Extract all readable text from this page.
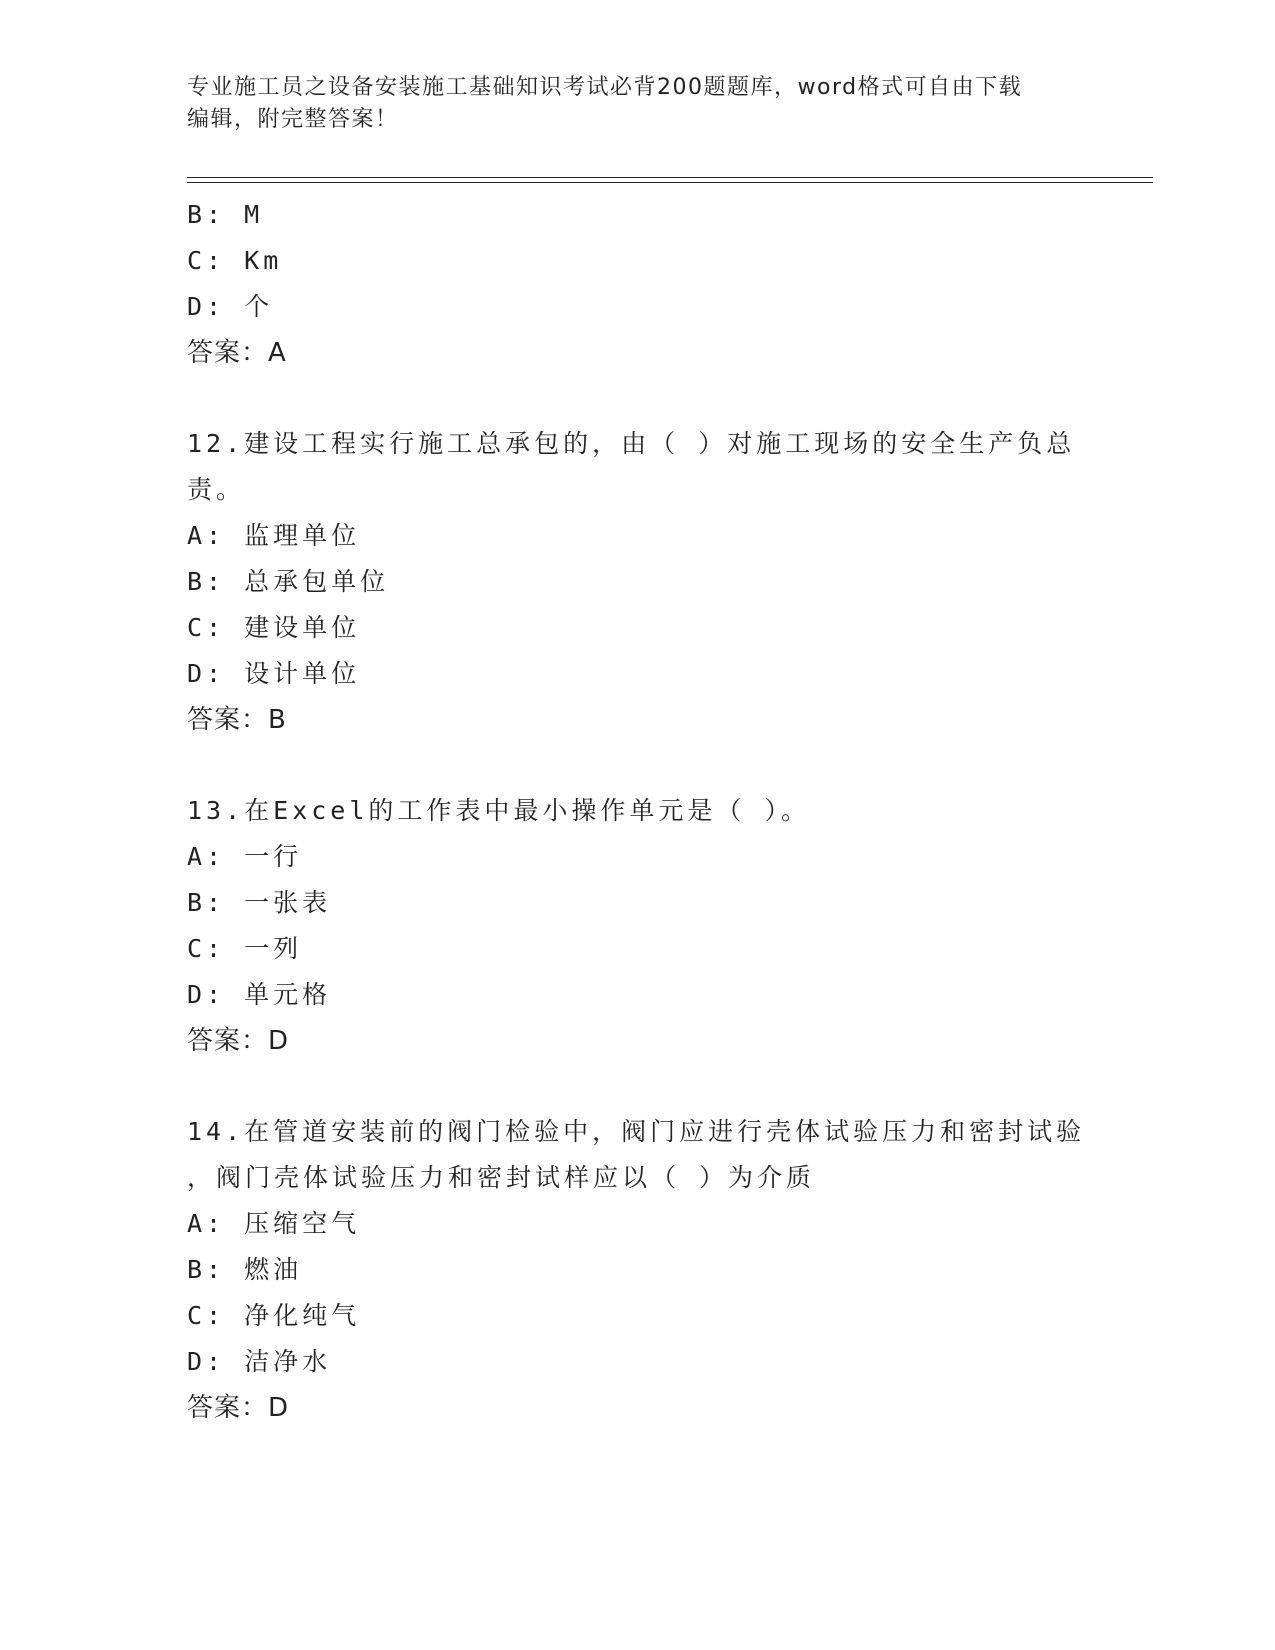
专业施工员之设备安装施工基础知识考试必背200题题库，word格式可自由下载
编辑，附完整答案！
B: M
C: Km
D: 个
答案：A
12.建设工程实行施工总承包的，由（ ）对施工现场的安全生产负总
责。
A: 监理单位
B: 总承包单位
C: 建设单位
D: 设计单位
答案：B
13.在Excel的工作表中最小操作单元是（ ）。
A: 一行
B: 一张表
C: 一列
D: 单元格
答案：D
14.在管道安装前的阀门检验中，阀门应进行壳体试验压力和密封试验
，阀门壳体试验压力和密封试样应以（ ）为介质
A: 压缩空气
B: 燃油
C: 净化纯气
D: 洁净水
答案：D
